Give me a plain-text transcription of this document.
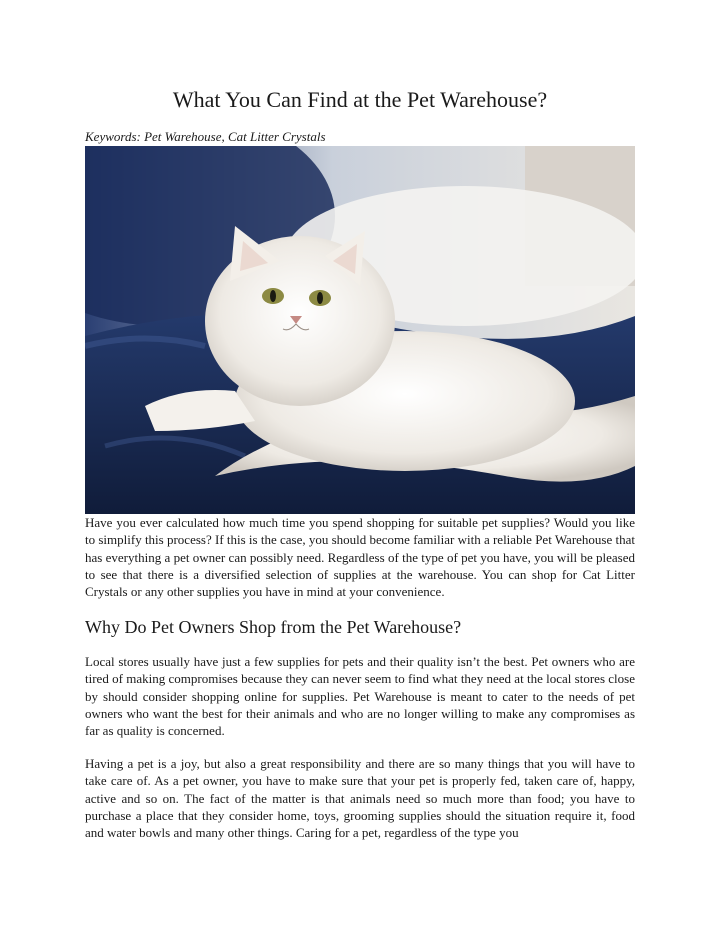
What You Can Find at the Pet Warehouse?
Keywords: Pet Warehouse, Cat Litter Crystals

Have you ever calculated how much time you spend shopping for suitable pet supplies? Would you like to simplify this process? If this is the case, you should become familiar with a reliable Pet Warehouse that has everything a pet owner can possibly need. Regardless of the type of pet you have, you will be pleased to see that there is a diversified selection of supplies at the warehouse. You can shop for Cat Litter Crystals or any other supplies you have in mind at your convenience.

Why Do Pet Owners Shop from the Pet Warehouse?

Local stores usually have just a few supplies for pets and their quality isn’t the best. Pet owners who are tired of making compromises because they can never seem to find what they need at the local stores close by should consider shopping online for supplies. Pet Warehouse is meant to cater to the needs of pet owners who want the best for their animals and who are no longer willing to make any compromises as far as quality is concerned.

Having a pet is a joy, but also a great responsibility and there are so many things that you will have to take care of. As a pet owner, you have to make sure that your pet is properly fed, taken care of, happy, active and so on. The fact of the matter is that animals need so much more than food; you have to purchase a place that they consider home, toys, grooming supplies should the situation require it, food and water bowls and many other things. Caring for a pet, regardless of the type you
